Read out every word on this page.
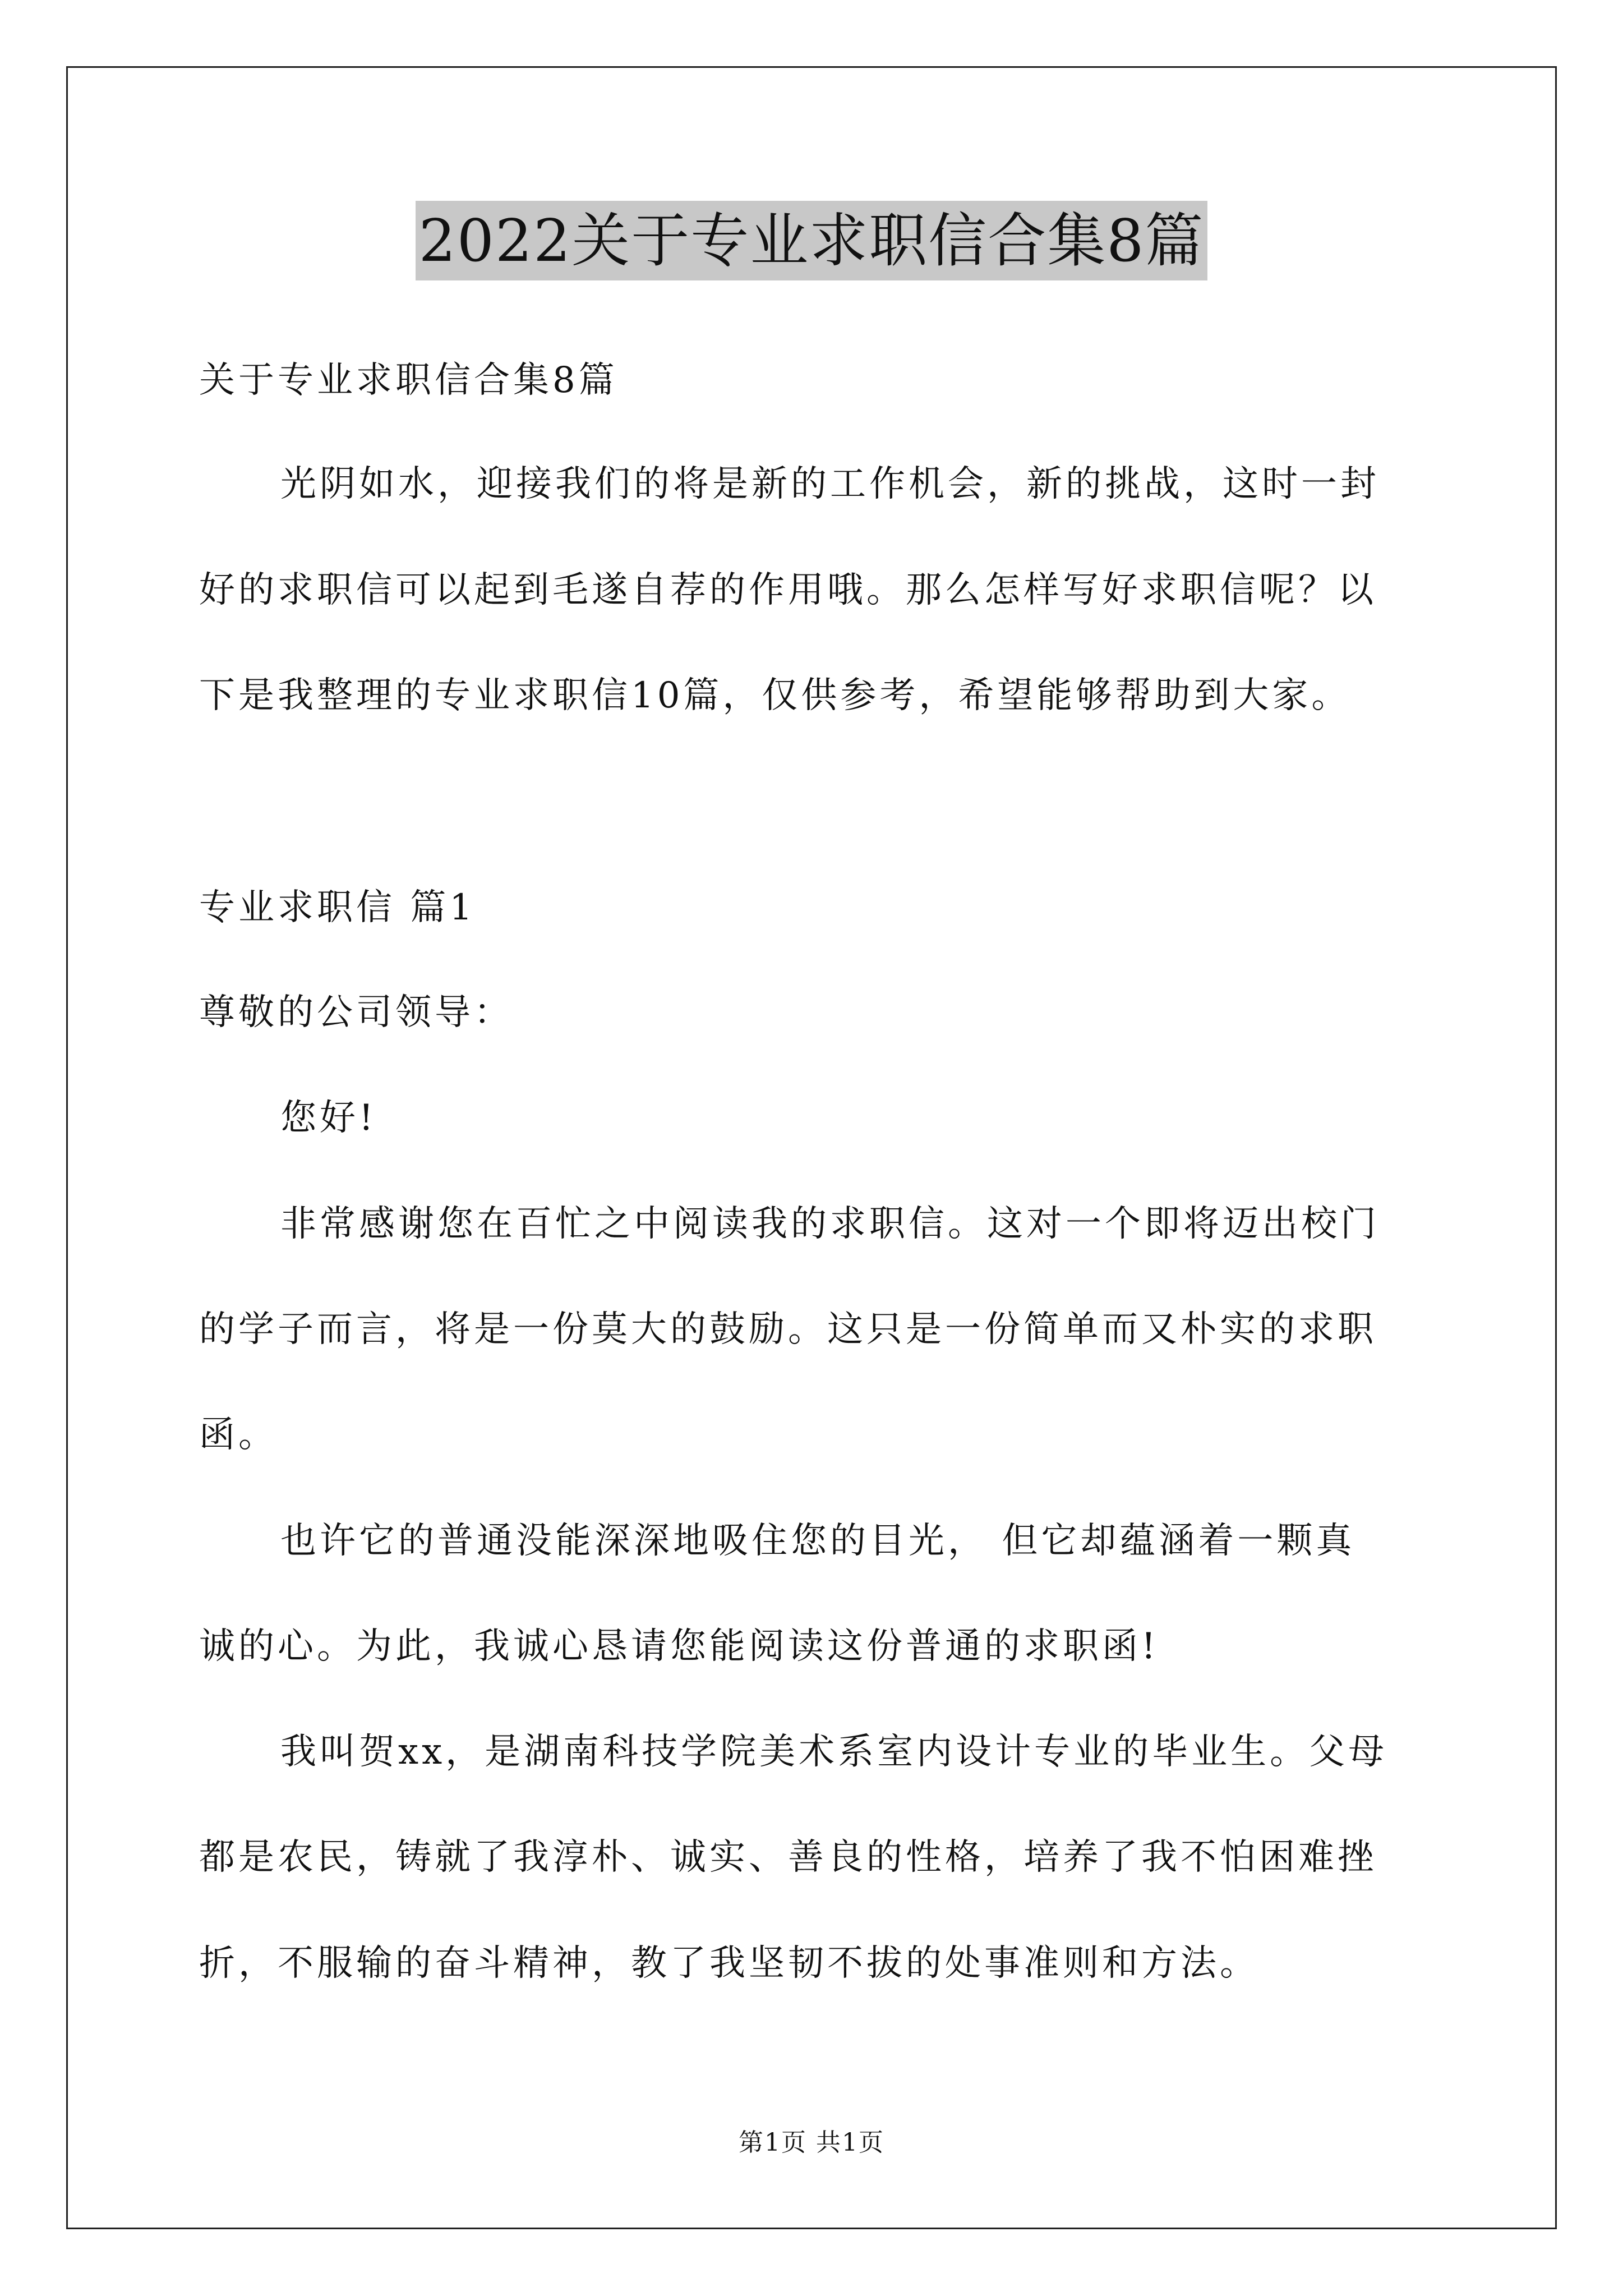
2022关于专业求职信合集8篇
关于专业求职信合集8篇
光阴如水，迎接我们的将是新的工作机会，新的挑战，这时一封
好的求职信可以起到毛遂自荐的作用哦。那么怎样写好求职信呢？以
下是我整理的专业求职信10篇，仅供参考，希望能够帮助到大家。
专业求职信 篇1
尊敬的公司领导：
您好!
非常感谢您在百忙之中阅读我的求职信。这对一个即将迈出校门
的学子而言，将是一份莫大的鼓励。这只是一份简单而又朴实的求职
函。
也许它的普通没能深深地吸住您的目光， 但它却蕴涵着一颗真
诚的心。为此，我诚心恳请您能阅读这份普通的求职函!
我叫贺xx，是湖南科技学院美术系室内设计专业的毕业生。父母
都是农民，铸就了我淳朴、诚实、善良的性格，培养了我不怕困难挫
折，不服输的奋斗精神，教了我坚韧不拔的处事准则和方法。
第1页 共1页
